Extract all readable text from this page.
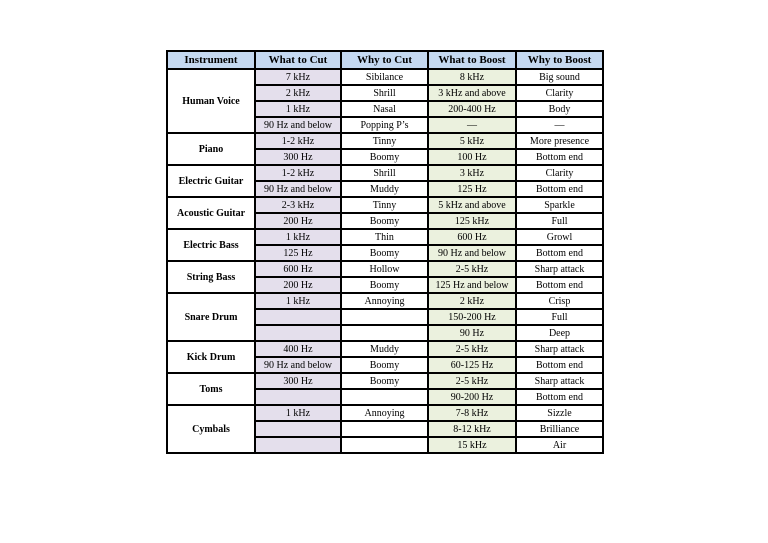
Instrument	What to Cut	Why to Cut	What to Boost	Why to Boost
Human Voice	7 kHz	Sibilance	8 kHz	Big sound
	2 kHz	Shrill	3 kHz and above	Clarity
	1 kHz	Nasal	200-400 Hz	Body
	90 Hz and below	Popping P’s	—	—
Piano	1-2 kHz	Tinny	5 kHz	More presence
	300 Hz	Boomy	100 Hz	Bottom end
Electric Guitar	1-2 kHz	Shrill	3 kHz	Clarity
	90 Hz and below	Muddy	125 Hz	Bottom end
Acoustic Guitar	2-3 kHz	Tinny	5 kHz and above	Sparkle
	200 Hz	Boomy	125 kHz	Full
Electric Bass	1 kHz	Thin	600 Hz	Growl
	125 Hz	Boomy	90 Hz and below	Bottom end
String Bass	600 Hz	Hollow	2-5 kHz	Sharp attack
	200 Hz	Boomy	125 Hz and below	Bottom end
Snare Drum	1 kHz	Annoying	2 kHz	Crisp
			150-200 Hz	Full
			90 Hz	Deep
Kick Drum	400 Hz	Muddy	2-5 kHz	Sharp attack
	90 Hz and below	Boomy	60-125 Hz	Bottom end
Toms	300 Hz	Boomy	2-5 kHz	Sharp attack
			90-200 Hz	Bottom end
Cymbals	1 kHz	Annoying	7-8 kHz	Sizzle
			8-12 kHz	Brilliance
			15 kHz	Air
